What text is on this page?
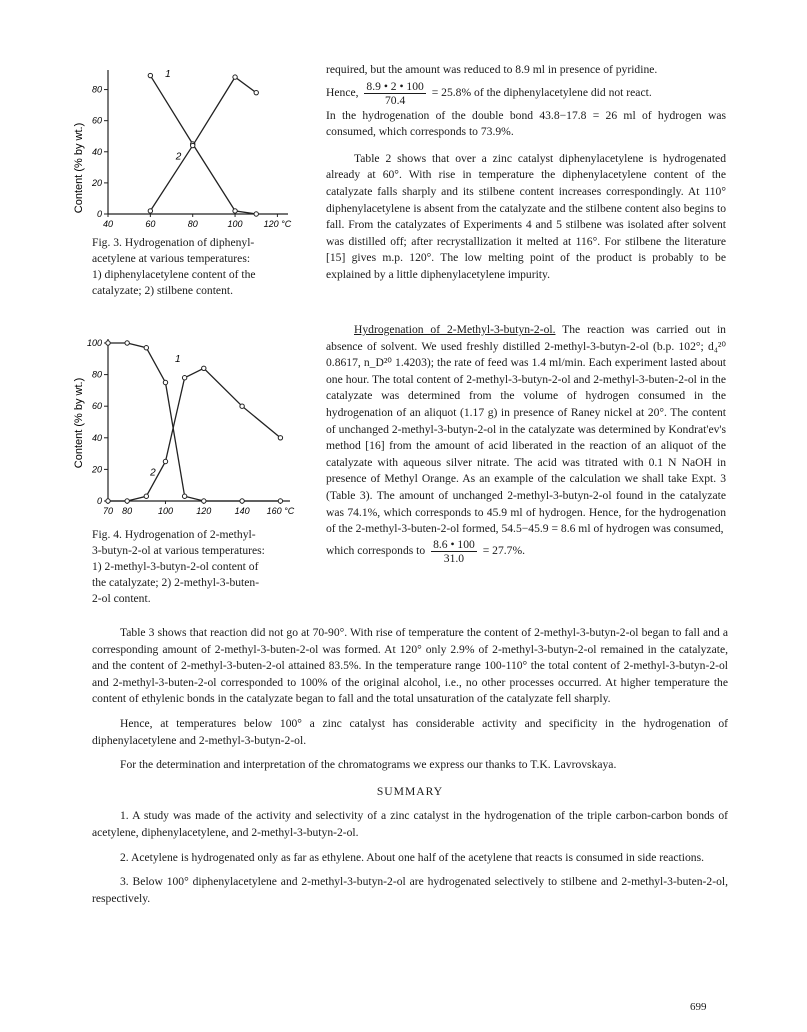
Content (% by wt.)
0
20
40
60
80
40	60	80	100 120 °C
1
2
Fig. 3. Hydrogenation of diphenyl-
acetylene at various temperatures:
1) diphenylacetylene content of the
catalyzate; 2) stilbene content.
Content (% by wt.)
0
20
40
60
80
100
70 80	100	120	140 160 °C
1
2
Fig. 4. Hydrogenation of 2-methyl-
3-butyn-2-ol at various temperatures:
1) 2-methyl-3-butyn-2-ol content of
the catalyzate; 2) 2-methyl-3-buten-
2-ol content.

required, but the amount was reduced to 8.9 ml in presence of pyridine.

Hence, $\frac{8.9 • 2 • 100}{70.4} = 25.8\%$ of the diphenylacetylene did not react.

In the hydrogenation of the double bond 43.8−17.8 = 26 ml of hydrogen was consumed, which corresponds to 73.9%.

Table 2 shows that over a zinc catalyst diphenylacetylene is hydrogenated already at 60°. With rise in temperature the diphenylacetylene content of the catalyzate falls sharply and its stilbene content increases correspondingly. At 110° diphenylacetylene is absent from the catalyzate and the stilbene content also begins to fall. From the catalyzates of Experiments 4 and 5 stilbene was isolated after solvent was distilled off; after recrystallization it melted at 116°. For stilbene the literature [15] gives m.p. 120°. The low melting point of the product is probably to be explained by a little diphenylacetylene impurity.

Hydrogenation of 2-Methyl-3-butyn-2-ol. The reaction was carried out in absence of solvent. We used freshly distilled 2-methyl-3-butyn-2-ol (b.p. 102°; d₄²⁰ 0.8617, n_D²⁰ 1.4203); the rate of feed was 1.4 ml/min. Each experiment lasted about one hour. The total content of 2-methyl-3-butyn-2-ol and 2-methyl-3-buten-2-ol in the catalyzate was determined from the volume of hydrogen consumed in the hydrogenation of an aliquot (1.17 g) in presence of Raney nickel at 20°. The content of unchanged 2-methyl-3-butyn-2-ol in the catalyzate was determined by Kondrat'ev's method [16] from the amount of acid liberated in the reaction of an aliquot of the catalyzate with aqueous silver nitrate. The acid was titrated with 0.1 N NaOH in presence of Methyl Orange. As an example of the calculation we shall take Expt. 3 (Table 3). The amount of unchanged 2-methyl-3-butyn-2-ol found in the catalyzate was 74.1%, which corresponds to 45.9 ml of hydrogen. Hence, for the hydrogenation of the 2-methyl-3-buten-2-ol formed, 54.5−45.9 = 8.6 ml of hydrogen was consumed,

which corresponds to $\frac{8.6 • 100}{31.0} = 27.7\%$.

Table 3 shows that reaction did not go at 70-90°. With rise of temperature the content of 2-methyl-3-butyn-2-ol began to fall and a corresponding amount of 2-methyl-3-buten-2-ol was formed. At 120° only 2.9% of 2-methyl-3-butyn-2-ol remained in the catalyzate, and the content of 2-methyl-3-buten-2-ol attained 83.5%. In the temperature range 100-110° the total content of 2-methyl-3-butyn-2-ol and 2-methyl-3-buten-2-ol corresponded to 100% of the original alcohol, i.e., no other processes occurred. At higher temperature the content of ethylenic bonds in the catalyzate began to fall and the total unsaturation of the catalyzate fell sharply.

Hence, at temperatures below 100° a zinc catalyst has considerable activity and specificity in the hydrogenation of diphenylacetylene and 2-methyl-3-butyn-2-ol.

For the determination and interpretation of the chromatograms we express our thanks to T.K. Lavrovskaya.

SUMMARY

1. A study was made of the activity and selectivity of a zinc catalyst in the hydrogenation of the triple carbon-carbon bonds of acetylene, diphenylacetylene, and 2-methyl-3-butyn-2-ol.

2. Acetylene is hydrogenated only as far as ethylene. About one half of the acetylene that reacts is consumed in side reactions.

3. Below 100° diphenylacetylene and 2-methyl-3-butyn-2-ol are hydrogenated selectively to stilbene and 2-methyl-3-buten-2-ol, respectively.

699
